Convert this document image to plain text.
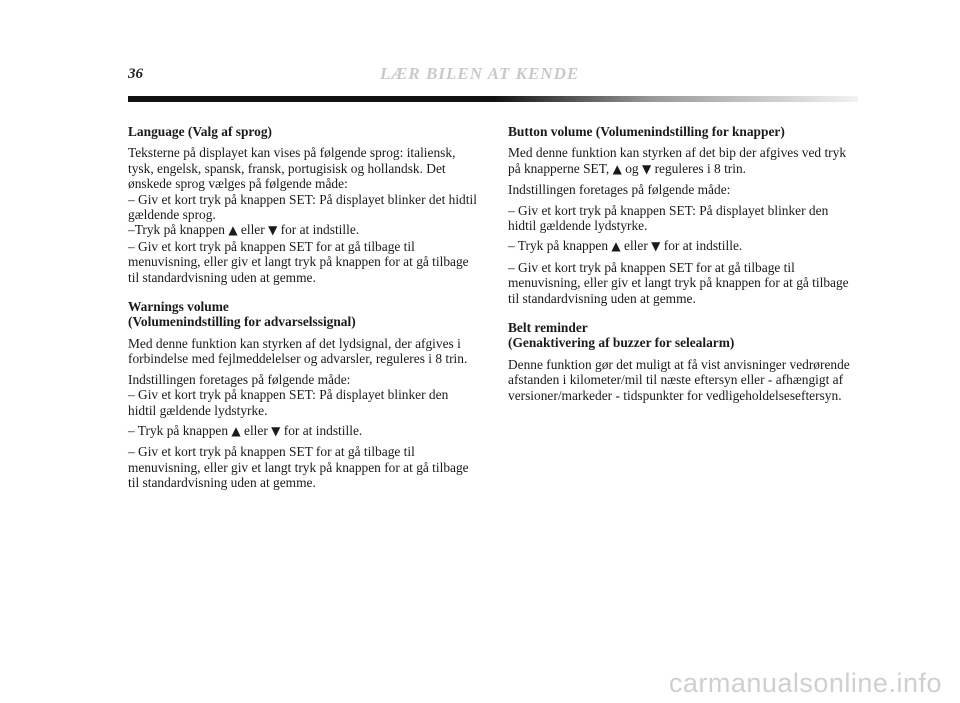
36	LÆR BILEN AT KENDE
Language (Valg af sprog)

Teksterne på displayet kan vises på følgende sprog: italiensk, tysk, engelsk, spansk, fransk, portugisisk og hollandsk. Det ønskede sprog vælges på følgende måde:

– Giv et kort tryk på knappen SET: På displayet blinker det hidtil gældende sprog.

–Tryk på knappen ▲ eller ▼ for at indstille.

– Giv et kort tryk på knappen SET for at gå tilbage til menuvisning, eller giv et langt tryk på knappen for at gå tilbage til standardvisning uden at gemme.

Warnings volume
(Volumenindstilling for advarselssignal)

Med denne funktion kan styrken af det lydsignal, der afgives i forbindelse med fejlmeddelelser og advarsler, reguleres i 8 trin.

Indstillingen foretages på følgende måde:

– Giv et kort tryk på knappen SET: På displayet blinker den hidtil gældende lydstyrke.

– Tryk på knappen ▲ eller ▼ for at indstille.

– Giv et kort tryk på knappen SET for at gå tilbage til menuvisning, eller giv et langt tryk på knappen for at gå tilbage til standardvisning uden at gemme.

Button volume (Volumenindstilling for knapper)

Med denne funktion kan styrken af det bip der afgives ved tryk på knapperne SET, ▲ og ▼ reguleres i 8 trin.

Indstillingen foretages på følgende måde:

– Giv et kort tryk på knappen SET: På displayet blinker den hidtil gældende lydstyrke.

– Tryk på knappen ▲ eller ▼ for at indstille.

– Giv et kort tryk på knappen SET for at gå tilbage til menuvisning, eller giv et langt tryk på knappen for at gå tilbage til standardvisning uden at gemme.

Belt reminder
(Genaktivering af buzzer for selealarm)

Denne funktion gør det muligt at få vist anvisninger vedrørende afstanden i kilometer/mil til næste eftersyn eller - afhængigt af versioner/markeder - tidspunkter for vedligeholdelseseftersyn.

carmanualsonline.info
